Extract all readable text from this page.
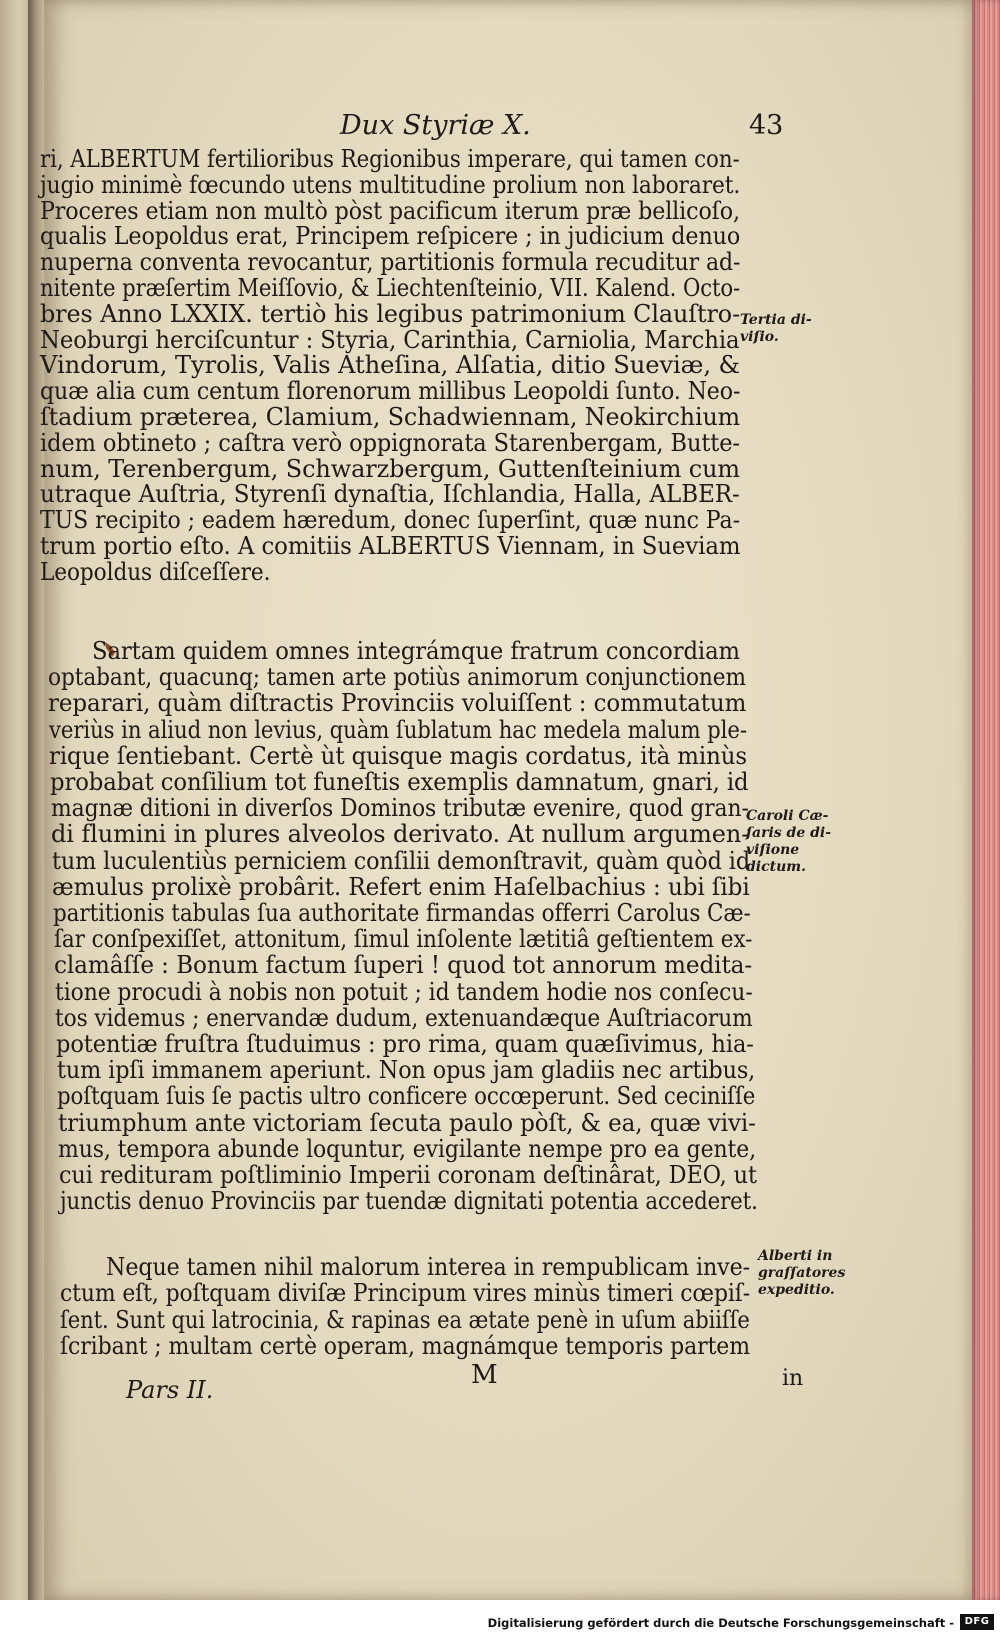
Dux Styriæ X.	43
ri, ALBERTUM fertilioribus Regionibus imperare, qui tamen con-
jugio minimè fœcundo utens multitudine prolium non laboraret.
Proceres etiam non multò pòst pacificum iterum præ bellicoſo,
qualis Leopoldus erat, Principem reſpicere ; in judicium denuo
nuperna conventa revocantur, partitionis formula recuditur ad-
nitente præſertim Meiſſovio, & Liechtenſteinio, VII. Kalend. Octo-
bres Anno LXXIX. tertiò his legibus patrimonium Clauſtro-
Neoburgi herciſcuntur : Styria, Carinthia, Carniolia, Marchia
Vindorum, Tyrolis, Valis Atheſina, Alſatia, ditio Sueviæ, &
quæ alia cum centum florenorum millibus Leopoldi ſunto. Neo-
ſtadium præterea, Clamium, Schadwiennam, Neokirchium
idem obtineto ; caſtra verò oppignorata Starenbergam, Butte-
num, Terenbergum, Schwarzbergum, Guttenſteinium cum
utraque Auſtria, Styrenſi dynaſtia, Iſchlandia, Halla, ALBER-
TUS recipito ; eadem hæredum, donec ſuperſint, quæ nunc Pa-
trum portio eſto. A comitiis ALBERTUS Viennam, in Sueviam
Leopoldus diſceſſere.
Sartam quidem omnes integrámque fratrum concordiam
optabant, quacunq; tamen arte potiùs animorum conjunctionem
reparari, quàm diſtractis Provinciis voluiſſent : commutatum
veriùs in aliud non levius, quàm ſublatum hac medela malum ple-
rique ſentiebant. Certè ùt quisque magis cordatus, ità minùs
probabat conſilium tot funeſtis exemplis damnatum, gnari, id
magnæ ditioni in diverſos Dominos tributæ evenire, quod gran-
di flumini in plures alveolos derivato. At nullum argumen-
tum luculentiùs perniciem conſilii demonſtravit, quàm quòd id
æmulus prolixè probârit. Refert enim Haſelbachius : ubi ſibi
partitionis tabulas ſua authoritate firmandas offerri Carolus Cæ-
ſar conſpexiſſet, attonitum, ſimul inſolente lætitiâ geſtientem ex-
clamâſſe : Bonum factum ſuperi ! quod tot annorum medita-
tione procudi à nobis non potuit ; id tandem hodie nos conſecu-
tos videmus ; enervandæ dudum, extenuandæque Auſtriacorum
potentiæ fruſtra ſtuduimus : pro rima, quam quæſivimus, hia-
tum ipſi immanem aperiunt. Non opus jam gladiis nec artibus,
poſtquam ſuis ſe pactis ultro conficere occœperunt. Sed ceciniſſe
triumphum ante victoriam ſecuta paulo pòſt, & ea, quæ vivi-
mus, tempora abunde loquntur, evigilante nempe pro ea gente,
cui redituram poſtliminio Imperii coronam deſtinârat, DEO, ut
junctis denuo Provinciis par tuendæ dignitati potentia accederet.
Neque tamen nihil malorum interea in rempublicam inve-
ctum eſt, poſtquam diviſæ Principum vires minùs timeri cœpiſ-
ſent. Sunt qui latrocinia, & rapinas ea ætate penè in uſum abiiſſe
ſcribant ; multam certè operam, magnámque temporis partem
Tertia di-
viſio.
Caroli Cæ-
ſaris de di-
viſione
dictum.
Alberti in
graſſatores
expeditio.
Pars II.	M	in
Digitalisierung gefördert durch die Deutsche Forschungsgemeinschaft -	DFG
